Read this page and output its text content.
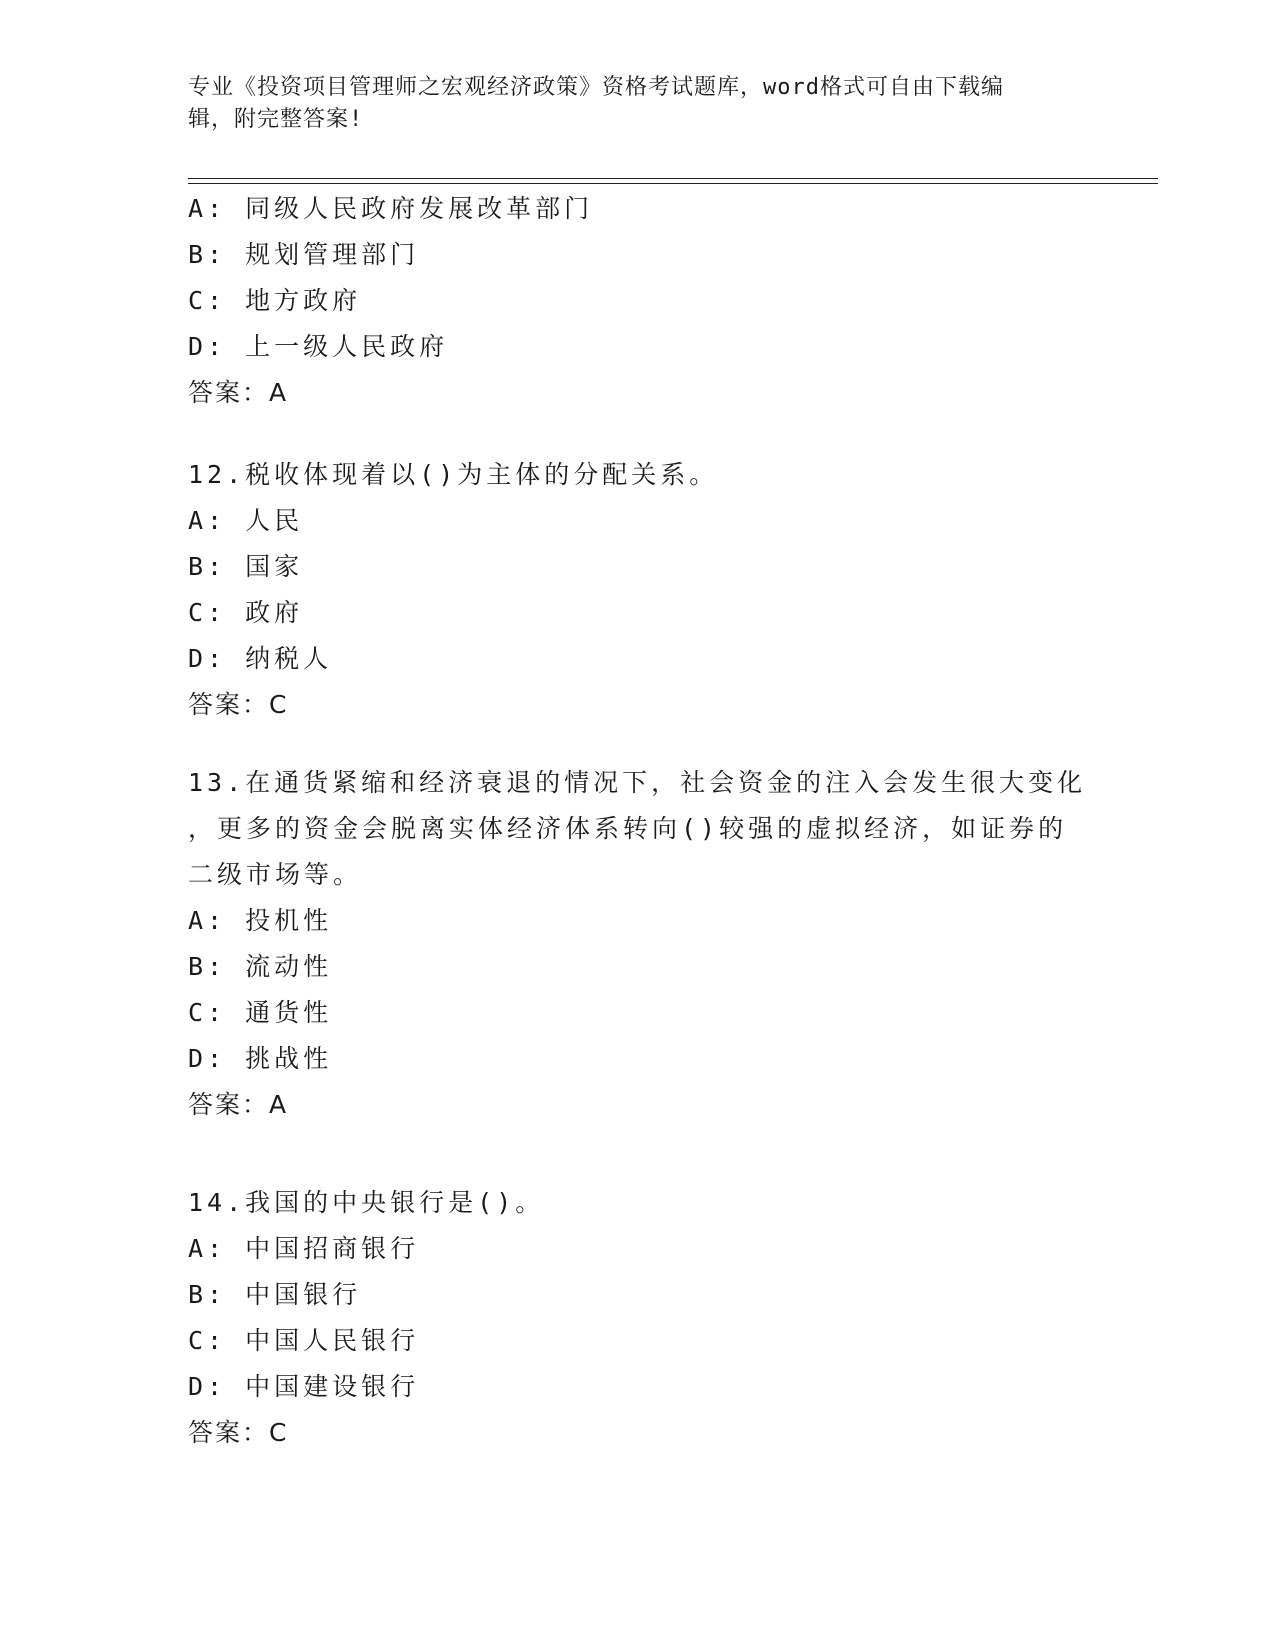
专业《投资项目管理师之宏观经济政策》资格考试题库，word格式可自由下载编
辑，附完整答案!
A: 同级人民政府发展改革部门
B: 规划管理部门
C: 地方政府
D: 上一级人民政府
答案：A
12.税收体现着以()为主体的分配关系。
A: 人民
B: 国家
C: 政府
D: 纳税人
答案：C
13.在通货紧缩和经济衰退的情况下，社会资金的注入会发生很大变化
，更多的资金会脱离实体经济体系转向()较强的虚拟经济，如证券的
二级市场等。
A: 投机性
B: 流动性
C: 通货性
D: 挑战性
答案：A
14.我国的中央银行是()。
A: 中国招商银行
B: 中国银行
C: 中国人民银行
D: 中国建设银行
答案：C
